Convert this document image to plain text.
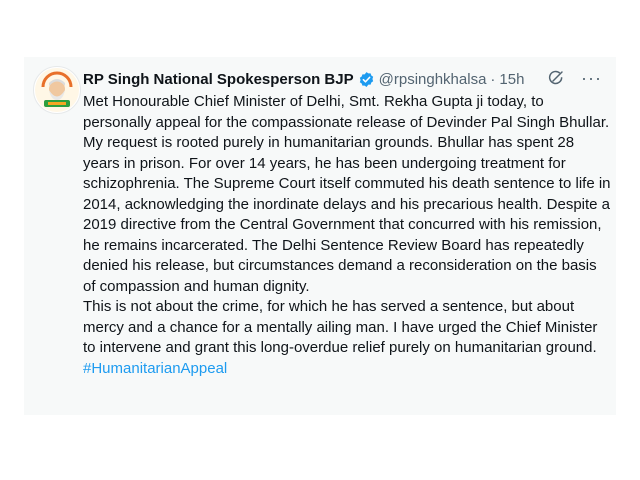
RP Singh National Spokesperson BJP @rpsinghkhalsa · 15h	···

Met Honourable Chief Minister of Delhi, Smt. Rekha Gupta ji today, to personally appeal for the compassionate release of Devinder Pal Singh Bhullar.

My request is rooted purely in humanitarian grounds. Bhullar has spent 28 years in prison. For over 14 years, he has been undergoing treatment for schizophrenia. The Supreme Court itself commuted his death sentence to life in 2014, acknowledging the inordinate delays and his precarious health. Despite a 2019 directive from the Central Government that concurred with his remission, he remains incarcerated. The Delhi Sentence Review Board has repeatedly denied his release, but circumstances demand a reconsideration on the basis of compassion and human dignity.

This is not about the crime, for which he has served a sentence, but about mercy and a chance for a mentally ailing man. I have urged the Chief Minister to intervene and grant this long-overdue relief purely on humanitarian ground.

#HumanitarianAppeal
